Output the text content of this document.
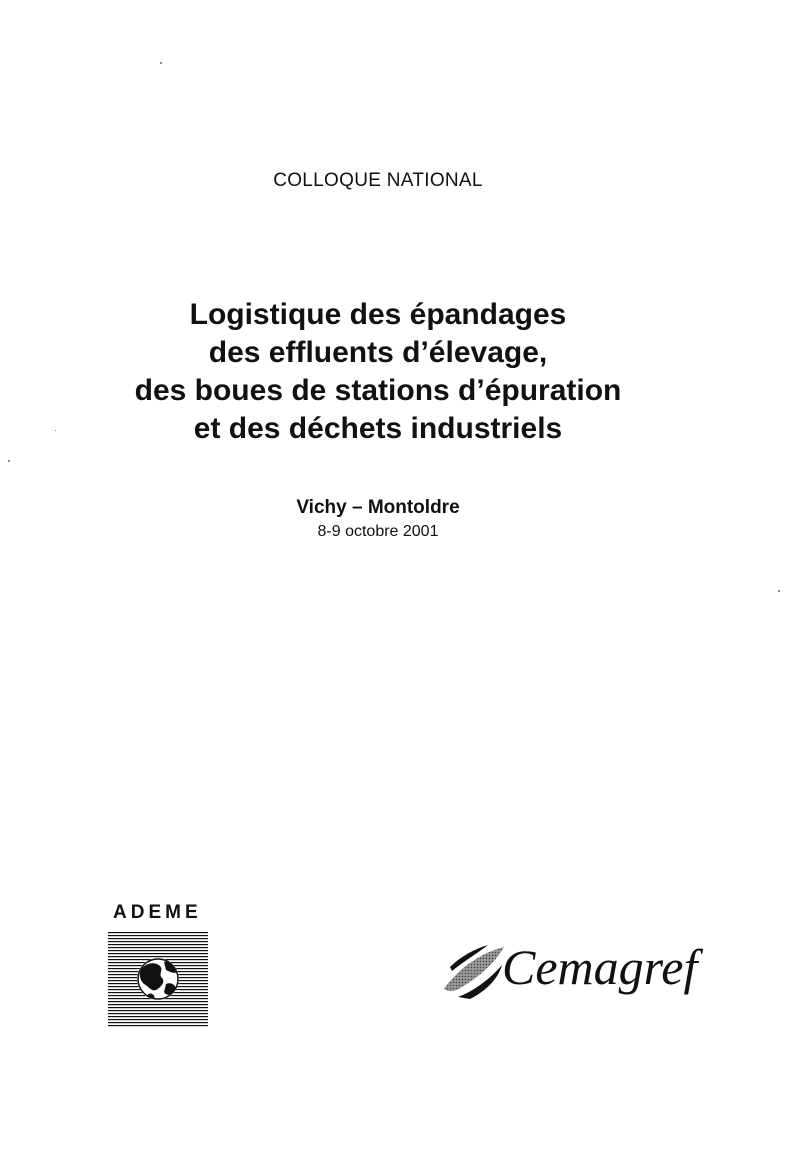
COLLOQUE NATIONAL
Logistique des épandages
des effluents d’élevage,
des boues de stations d’épuration
et des déchets industriels
Vichy – Montoldre
8-9 octobre 2001
ADEME
Cemagref
